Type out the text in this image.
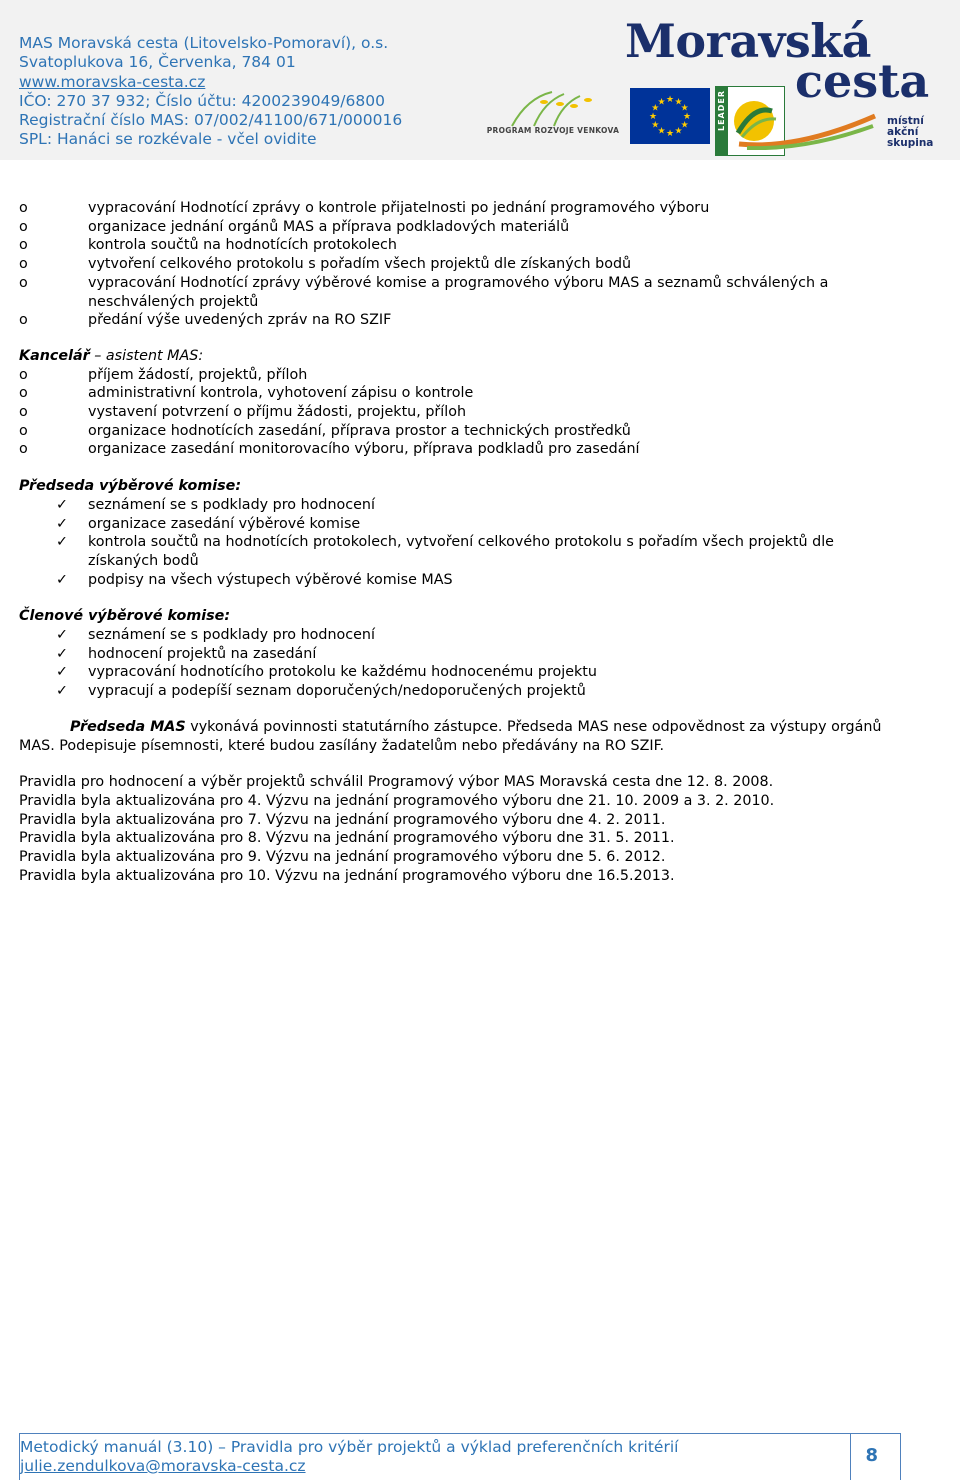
MAS Moravská cesta (Litovelsko-Pomoraví), o.s.
Svatoplukova 16, Červenka, 784 01
www.moravska-cesta.cz
IČO: 270 37 932; Číslo účtu: 4200239049/6800
Registrační číslo MAS: 07/002/41100/671/000016
SPL: Hanáci se rozkévale - včel ovidite	PROGRAM ROZVOJE VENKOVA
★ ★
★
★
★
★
★
★
★
★
★
★	LEADER
Moravská
cesta
místní
akční
skupina
o	vypracování Hodnotící zprávy o kontrole přijatelnosti po jednání programového výboru
o	organizace jednání orgánů MAS a příprava podkladových materiálů
o	kontrola součtů na hodnotících protokolech
o	vytvoření celkového protokolu s pořadím všech projektů dle získaných bodů
o	vypracování Hodnotící zprávy výběrové komise a programového výboru MAS a seznamů schválených a neschválených projektů
o	předání výše uvedených zpráv na RO SZIF
Kancelář – asistent MAS:
o	příjem žádostí, projektů, příloh
o	administrativní kontrola, vyhotovení zápisu o kontrole
o	vystavení potvrzení o příjmu žádosti, projektu, příloh
o	organizace hodnotících zasedání, příprava prostor a technických prostředků
o	organizace zasedání monitorovacího výboru, příprava podkladů pro zasedání
Předseda výběrové komise:
✓ seznámení se s podklady pro hodnocení
✓ organizace zasedání výběrové komise
✓ kontrola součtů na hodnotících protokolech, vytvoření celkového protokolu s pořadím všech projektů dle získaných bodů
✓ podpisy na všech výstupech výběrové komise MAS
Členové výběrové komise:
✓ seznámení se s podklady pro hodnocení
✓ hodnocení projektů na zasedání
✓ vypracování hodnotícího protokolu ke každému hodnocenému projektu
✓ vypracují a podepíší seznam doporučených/nedoporučených projektů
Předseda MAS vykonává povinnosti statutárního zástupce. Předseda MAS nese odpovědnost za výstupy orgánů MAS. Podepisuje písemnosti, které budou zasílány žadatelům nebo předávány na RO SZIF.
Pravidla pro hodnocení a výběr projektů schválil Programový výbor MAS Moravská cesta dne 12. 8. 2008.
Pravidla byla aktualizována pro 4. Výzvu na jednání programového výboru dne 21. 10. 2009 a 3. 2. 2010.
Pravidla byla aktualizována pro 7. Výzvu na jednání programového výboru dne 4. 2. 2011.
Pravidla byla aktualizována pro 8. Výzvu na jednání programového výboru dne 31. 5. 2011.
Pravidla byla aktualizována pro 9. Výzvu na jednání programového výboru dne 5. 6. 2012.
Pravidla byla aktualizována pro 10. Výzvu na jednání programového výboru dne 16.5.2013.
Metodický manuál (3.10) – Pravidla pro výběr projektů a výklad preferenčních kritérií
julie.zendulkova@moravska-cesta.cz	8
